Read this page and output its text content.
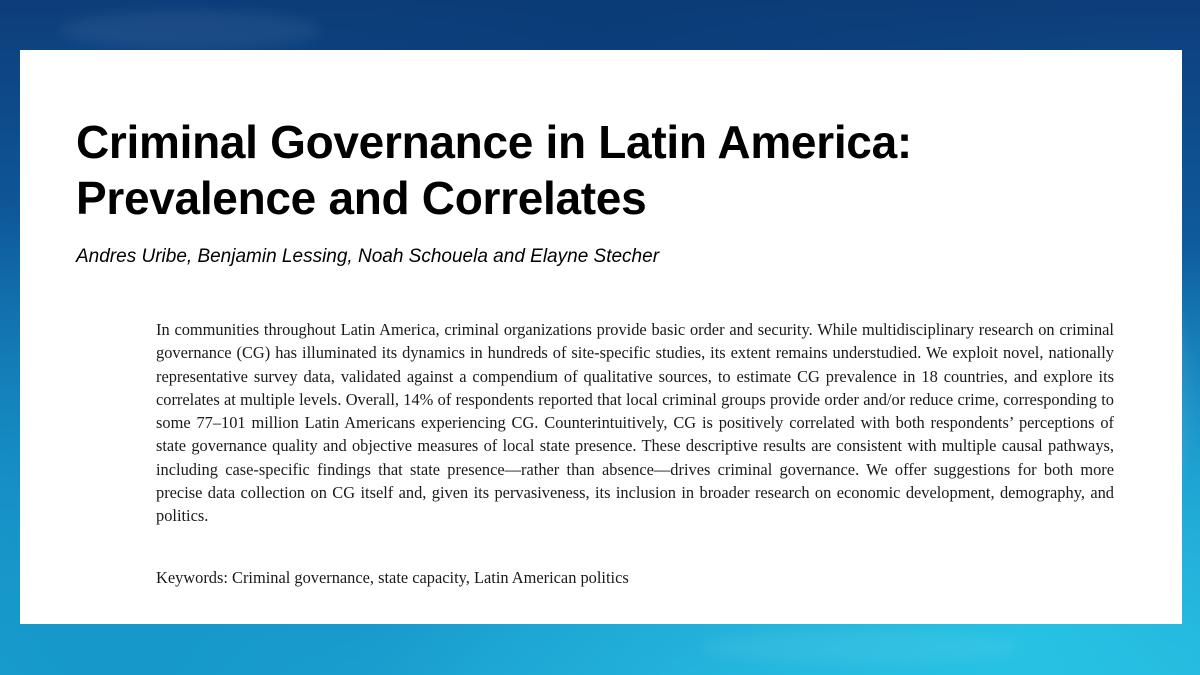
Criminal Governance in Latin America:
Prevalence and Correlates

Andres Uribe, Benjamin Lessing, Noah Schouela and Elayne Stecher

In communities throughout Latin America, criminal organizations provide basic order and security. While multidisciplinary research on criminal governance (CG) has illuminated its dynamics in hundreds of site-specific studies, its extent remains understudied. We exploit novel, nationally representative survey data, validated against a compendium of qualitative sources, to estimate CG prevalence in 18 countries, and explore its correlates at multiple levels. Overall, 14% of respondents reported that local criminal groups provide order and/or reduce crime, corresponding to some 77–101 million Latin Americans experiencing CG. Counterintuitively, CG is positively correlated with both respondents’ perceptions of state governance quality and objective measures of local state presence. These descriptive results are consistent with multiple causal pathways, including case-specific findings that state presence—rather than absence—drives criminal governance. We offer suggestions for both more precise data collection on CG itself and, given its pervasiveness, its inclusion in broader research on economic development, demography, and politics.

Keywords: Criminal governance, state capacity, Latin American politics
